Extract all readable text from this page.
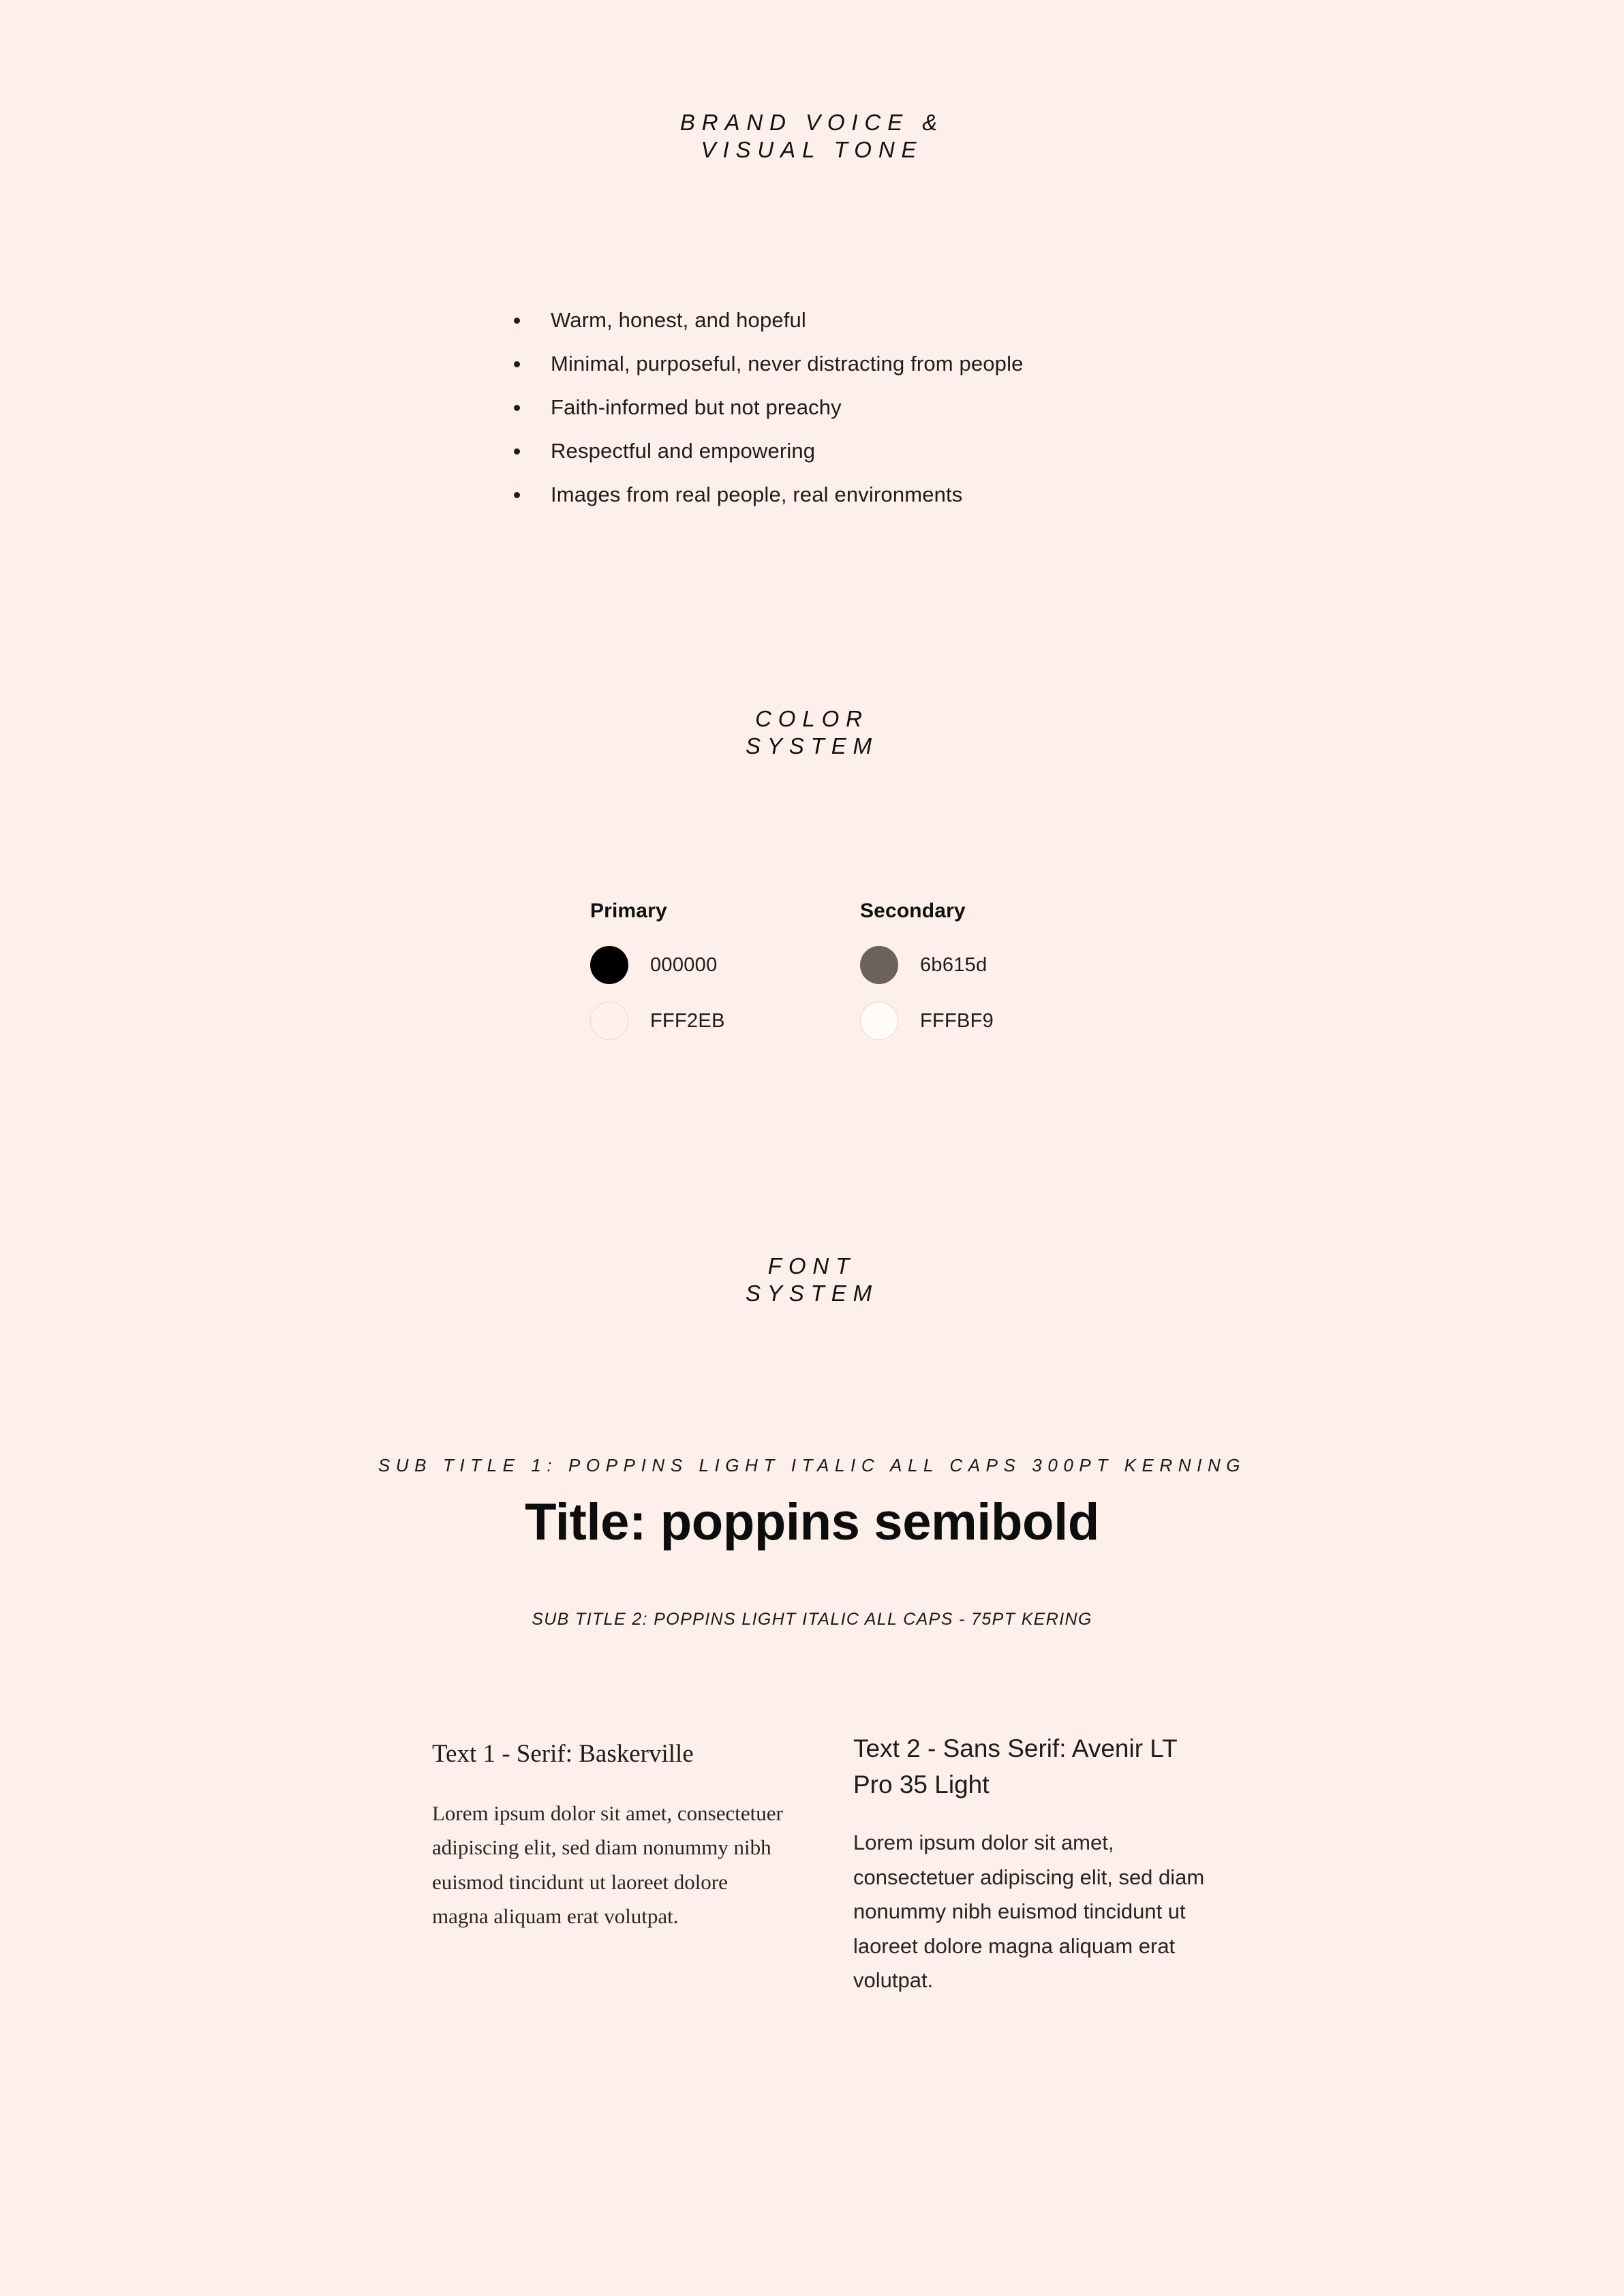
BRAND VOICE &
VISUAL TONE
Warm, honest, and hopeful
Minimal, purposeful, never distracting from people
Faith-informed but not preachy
Respectful and empowering
Images from real people, real environments
COLOR
SYSTEM
Primary
000000
FFF2EB
Secondary
6b615d
FFFBF9
FONT
SYSTEM
SUB TITLE 1: POPPINS LIGHT ITALIC ALL CAPS 300PT KERNING
Title: poppins semibold
SUB TITLE 2: POPPINS LIGHT ITALIC ALL CAPS - 75PT KERING
Text 1 - Serif: Baskerville
Lorem ipsum dolor sit amet, consectetuer adipiscing elit, sed diam nonummy nibh euismod tincidunt ut laoreet dolore magna aliquam erat volutpat.
Text 2 - Sans Serif: Avenir LT Pro 35 Light
Lorem ipsum dolor sit amet, consectetuer adipiscing elit, sed diam nonummy nibh euismod tincidunt ut laoreet dolore magna aliquam erat volutpat.
